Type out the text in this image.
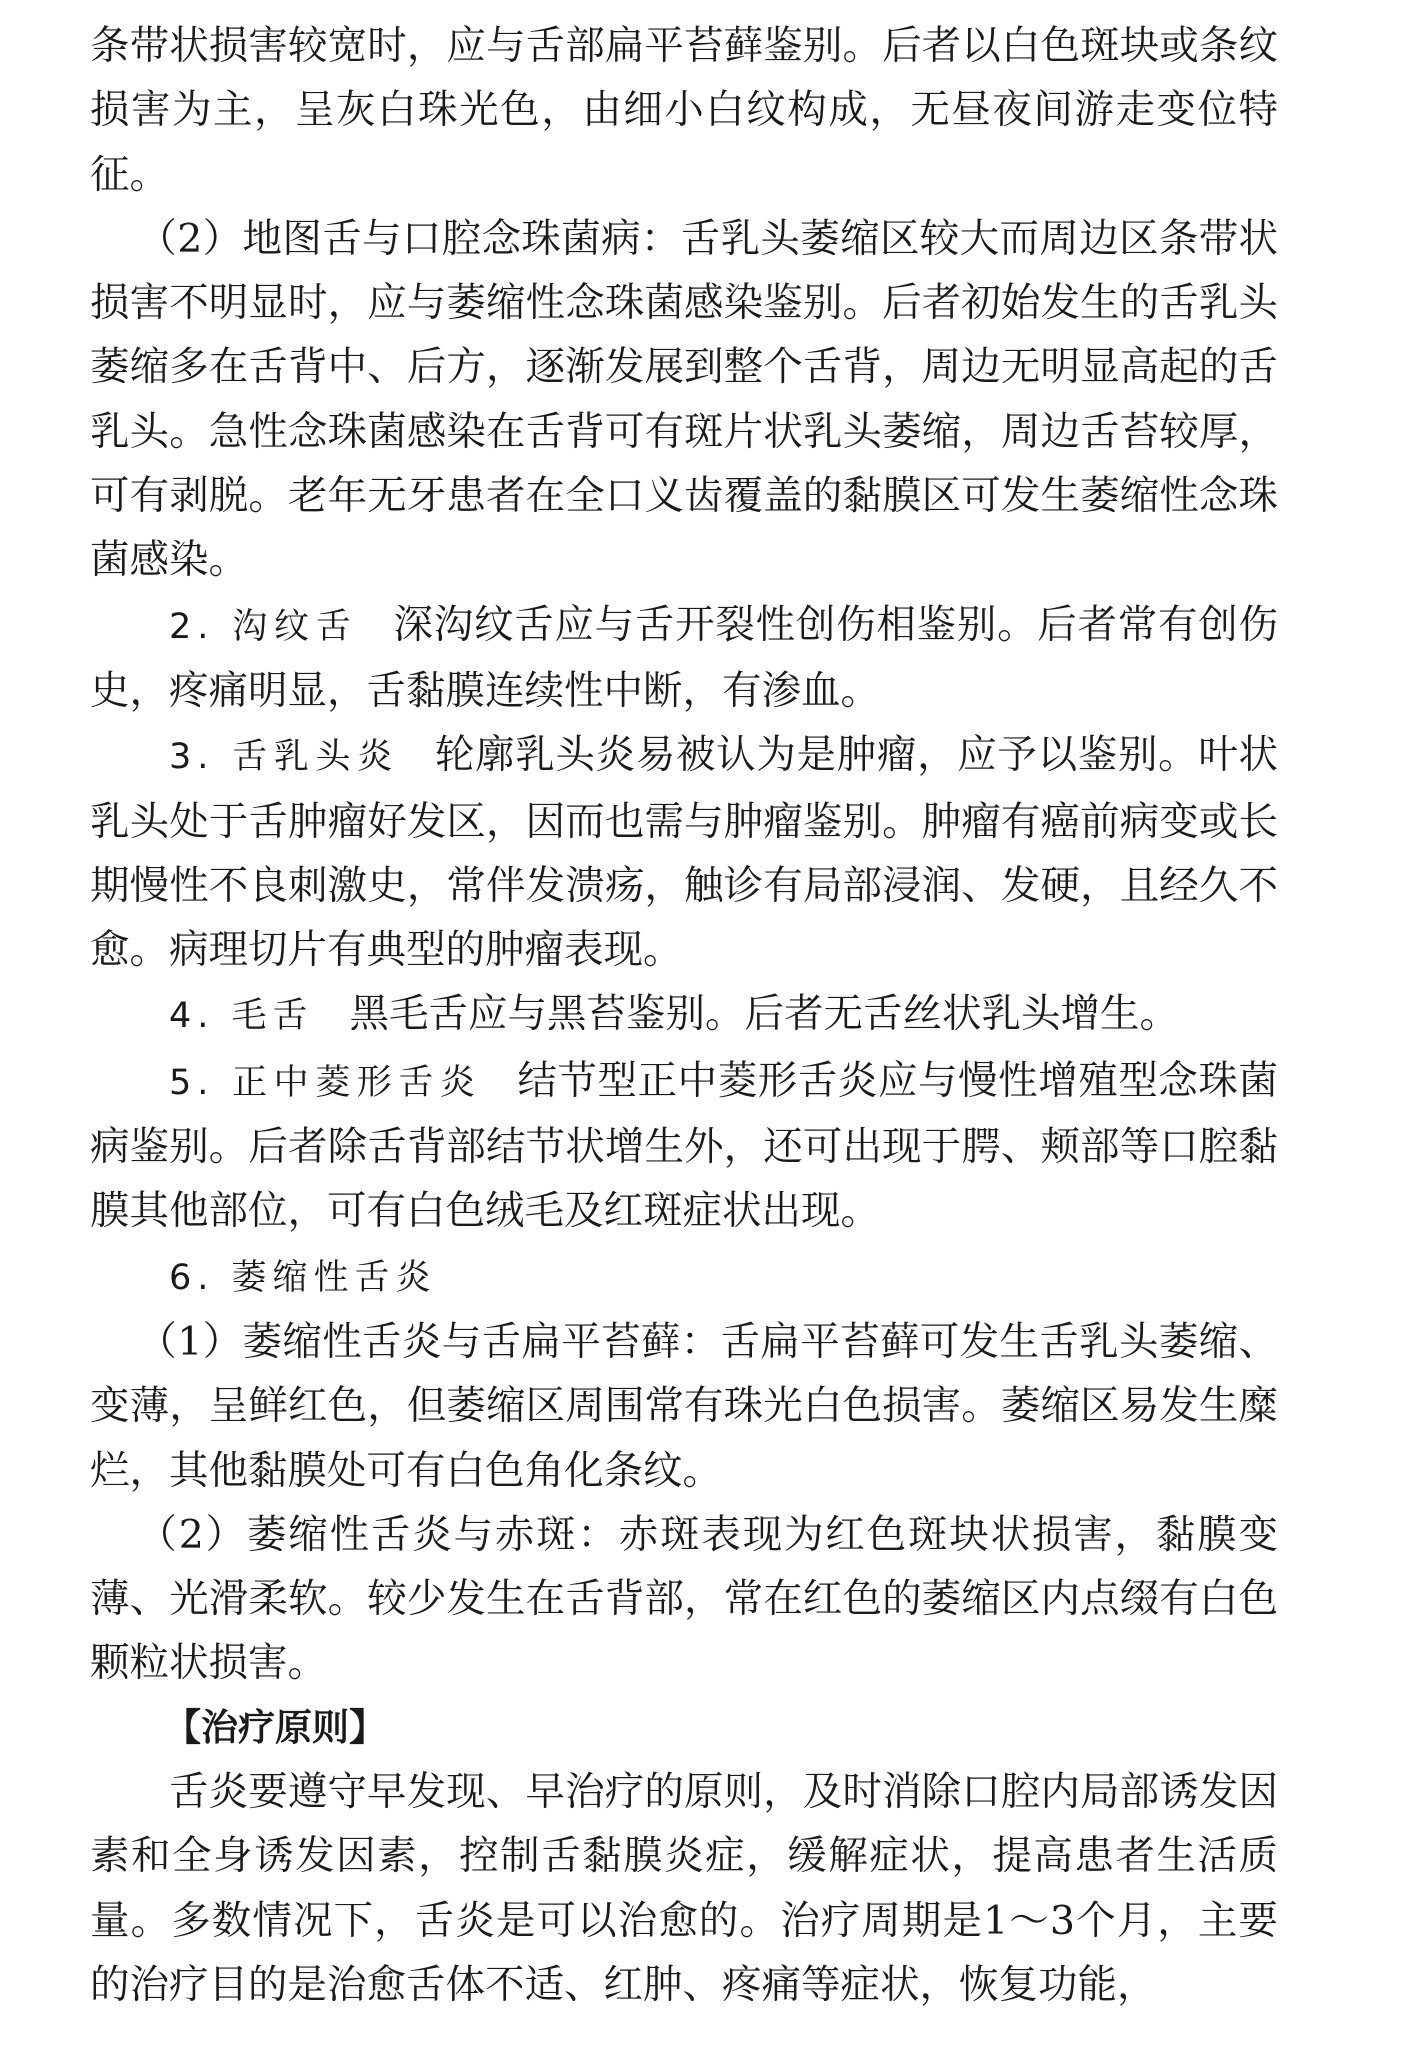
条带状损害较宽时，应与舌部扁平苔藓鉴别。后者以白色斑块或条纹损害为主，呈灰白珠光色，由细小白纹构成，无昼夜间游走变位特征。

（2）地图舌与口腔念珠菌病：舌乳头萎缩区较大而周边区条带状损害不明显时，应与萎缩性念珠菌感染鉴别。后者初始发生的舌乳头萎缩多在舌背中、后方，逐渐发展到整个舌背，周边无明显高起的舌乳头。急性念珠菌感染在舌背可有斑片状乳头萎缩，周边舌苔较厚，可有剥脱。老年无牙患者在全口义齿覆盖的黏膜区可发生萎缩性念珠菌感染。

2. 沟纹舌 深沟纹舌应与舌开裂性创伤相鉴别。后者常有创伤史，疼痛明显，舌黏膜连续性中断，有渗血。

3. 舌乳头炎 轮廓乳头炎易被认为是肿瘤，应予以鉴别。叶状乳头处于舌肿瘤好发区，因而也需与肿瘤鉴别。肿瘤有癌前病变或长期慢性不良刺激史，常伴发溃疡，触诊有局部浸润、发硬，且经久不愈。病理切片有典型的肿瘤表现。

4. 毛舌 黑毛舌应与黑苔鉴别。后者无舌丝状乳头增生。

5. 正中菱形舌炎 结节型正中菱形舌炎应与慢性增殖型念珠菌病鉴别。后者除舌背部结节状增生外，还可出现于腭、颊部等口腔黏膜其他部位，可有白色绒毛及红斑症状出现。

6. 萎缩性舌炎

（1）萎缩性舌炎与舌扁平苔藓：舌扁平苔藓可发生舌乳头萎缩、变薄，呈鲜红色，但萎缩区周围常有珠光白色损害。萎缩区易发生糜烂，其他黏膜处可有白色角化条纹。

（2）萎缩性舌炎与赤斑：赤斑表现为红色斑块状损害，黏膜变薄、光滑柔软。较少发生在舌背部，常在红色的萎缩区内点缀有白色颗粒状损害。

【治疗原则】

舌炎要遵守早发现、早治疗的原则，及时消除口腔内局部诱发因素和全身诱发因素，控制舌黏膜炎症，缓解症状，提高患者生活质量。多数情况下，舌炎是可以治愈的。治疗周期是1～3个月，主要的治疗目的是治愈舌体不适、红肿、疼痛等症状，恢复功能，
